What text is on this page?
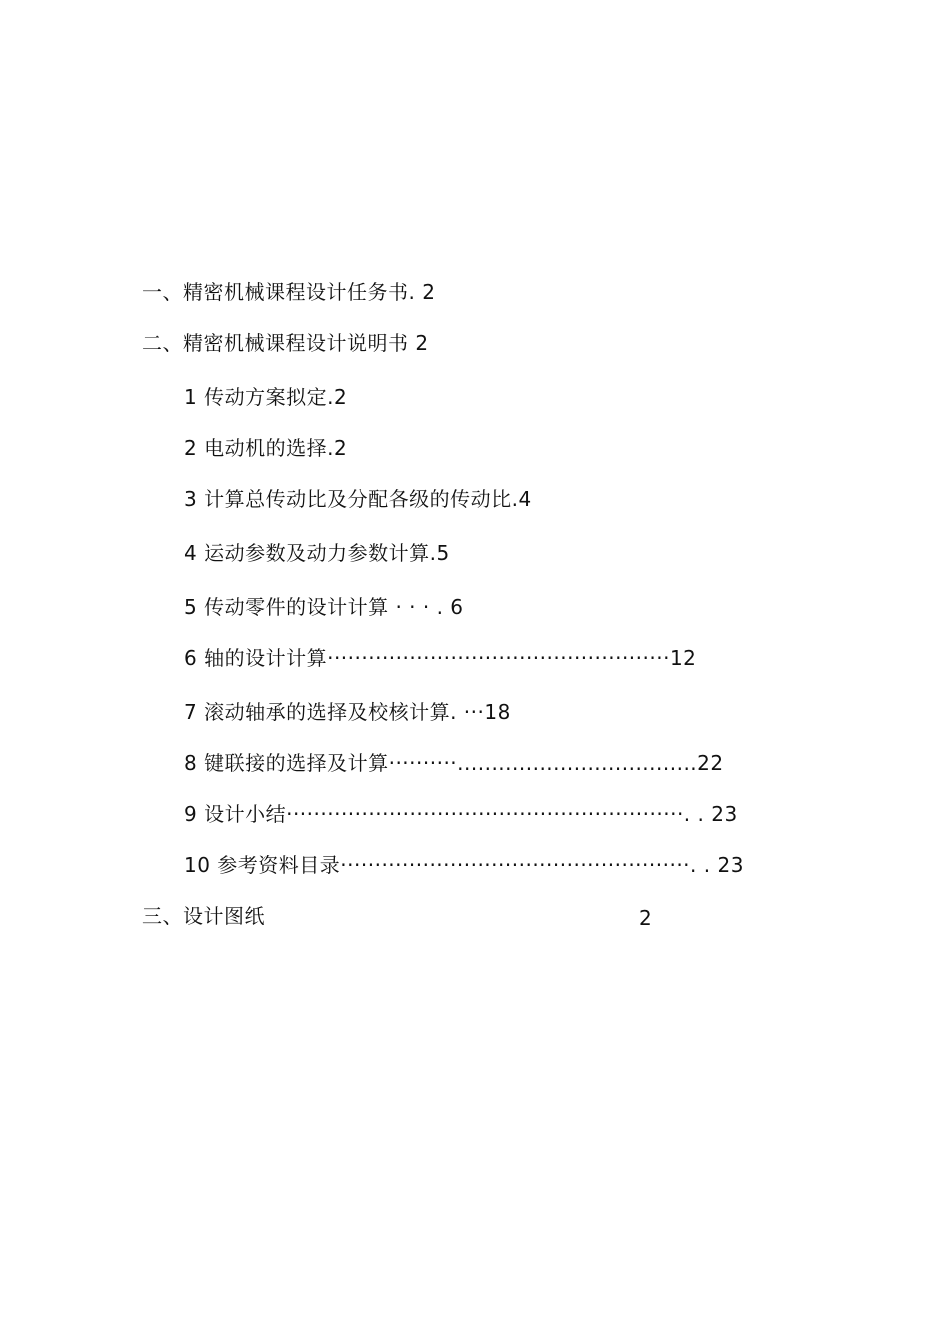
一、精密机械课程设计任务书. 2
二、精密机械课程设计说明书 2
1 传动方案拟定.2
2 电动机的选择.2
3 计算总传动比及分配各级的传动比.4
4 运动参数及动力参数计算.5
5 传动零件的设计计算 · · · . 6
6 轴的设计计算··················································12
7 滚动轴承的选择及校核计算. ···18
8 键联接的选择及计算··········...................................22
9 设计小结··························································. . 23
10 参考资料目录···················································. . 23
三、设计图纸	2
